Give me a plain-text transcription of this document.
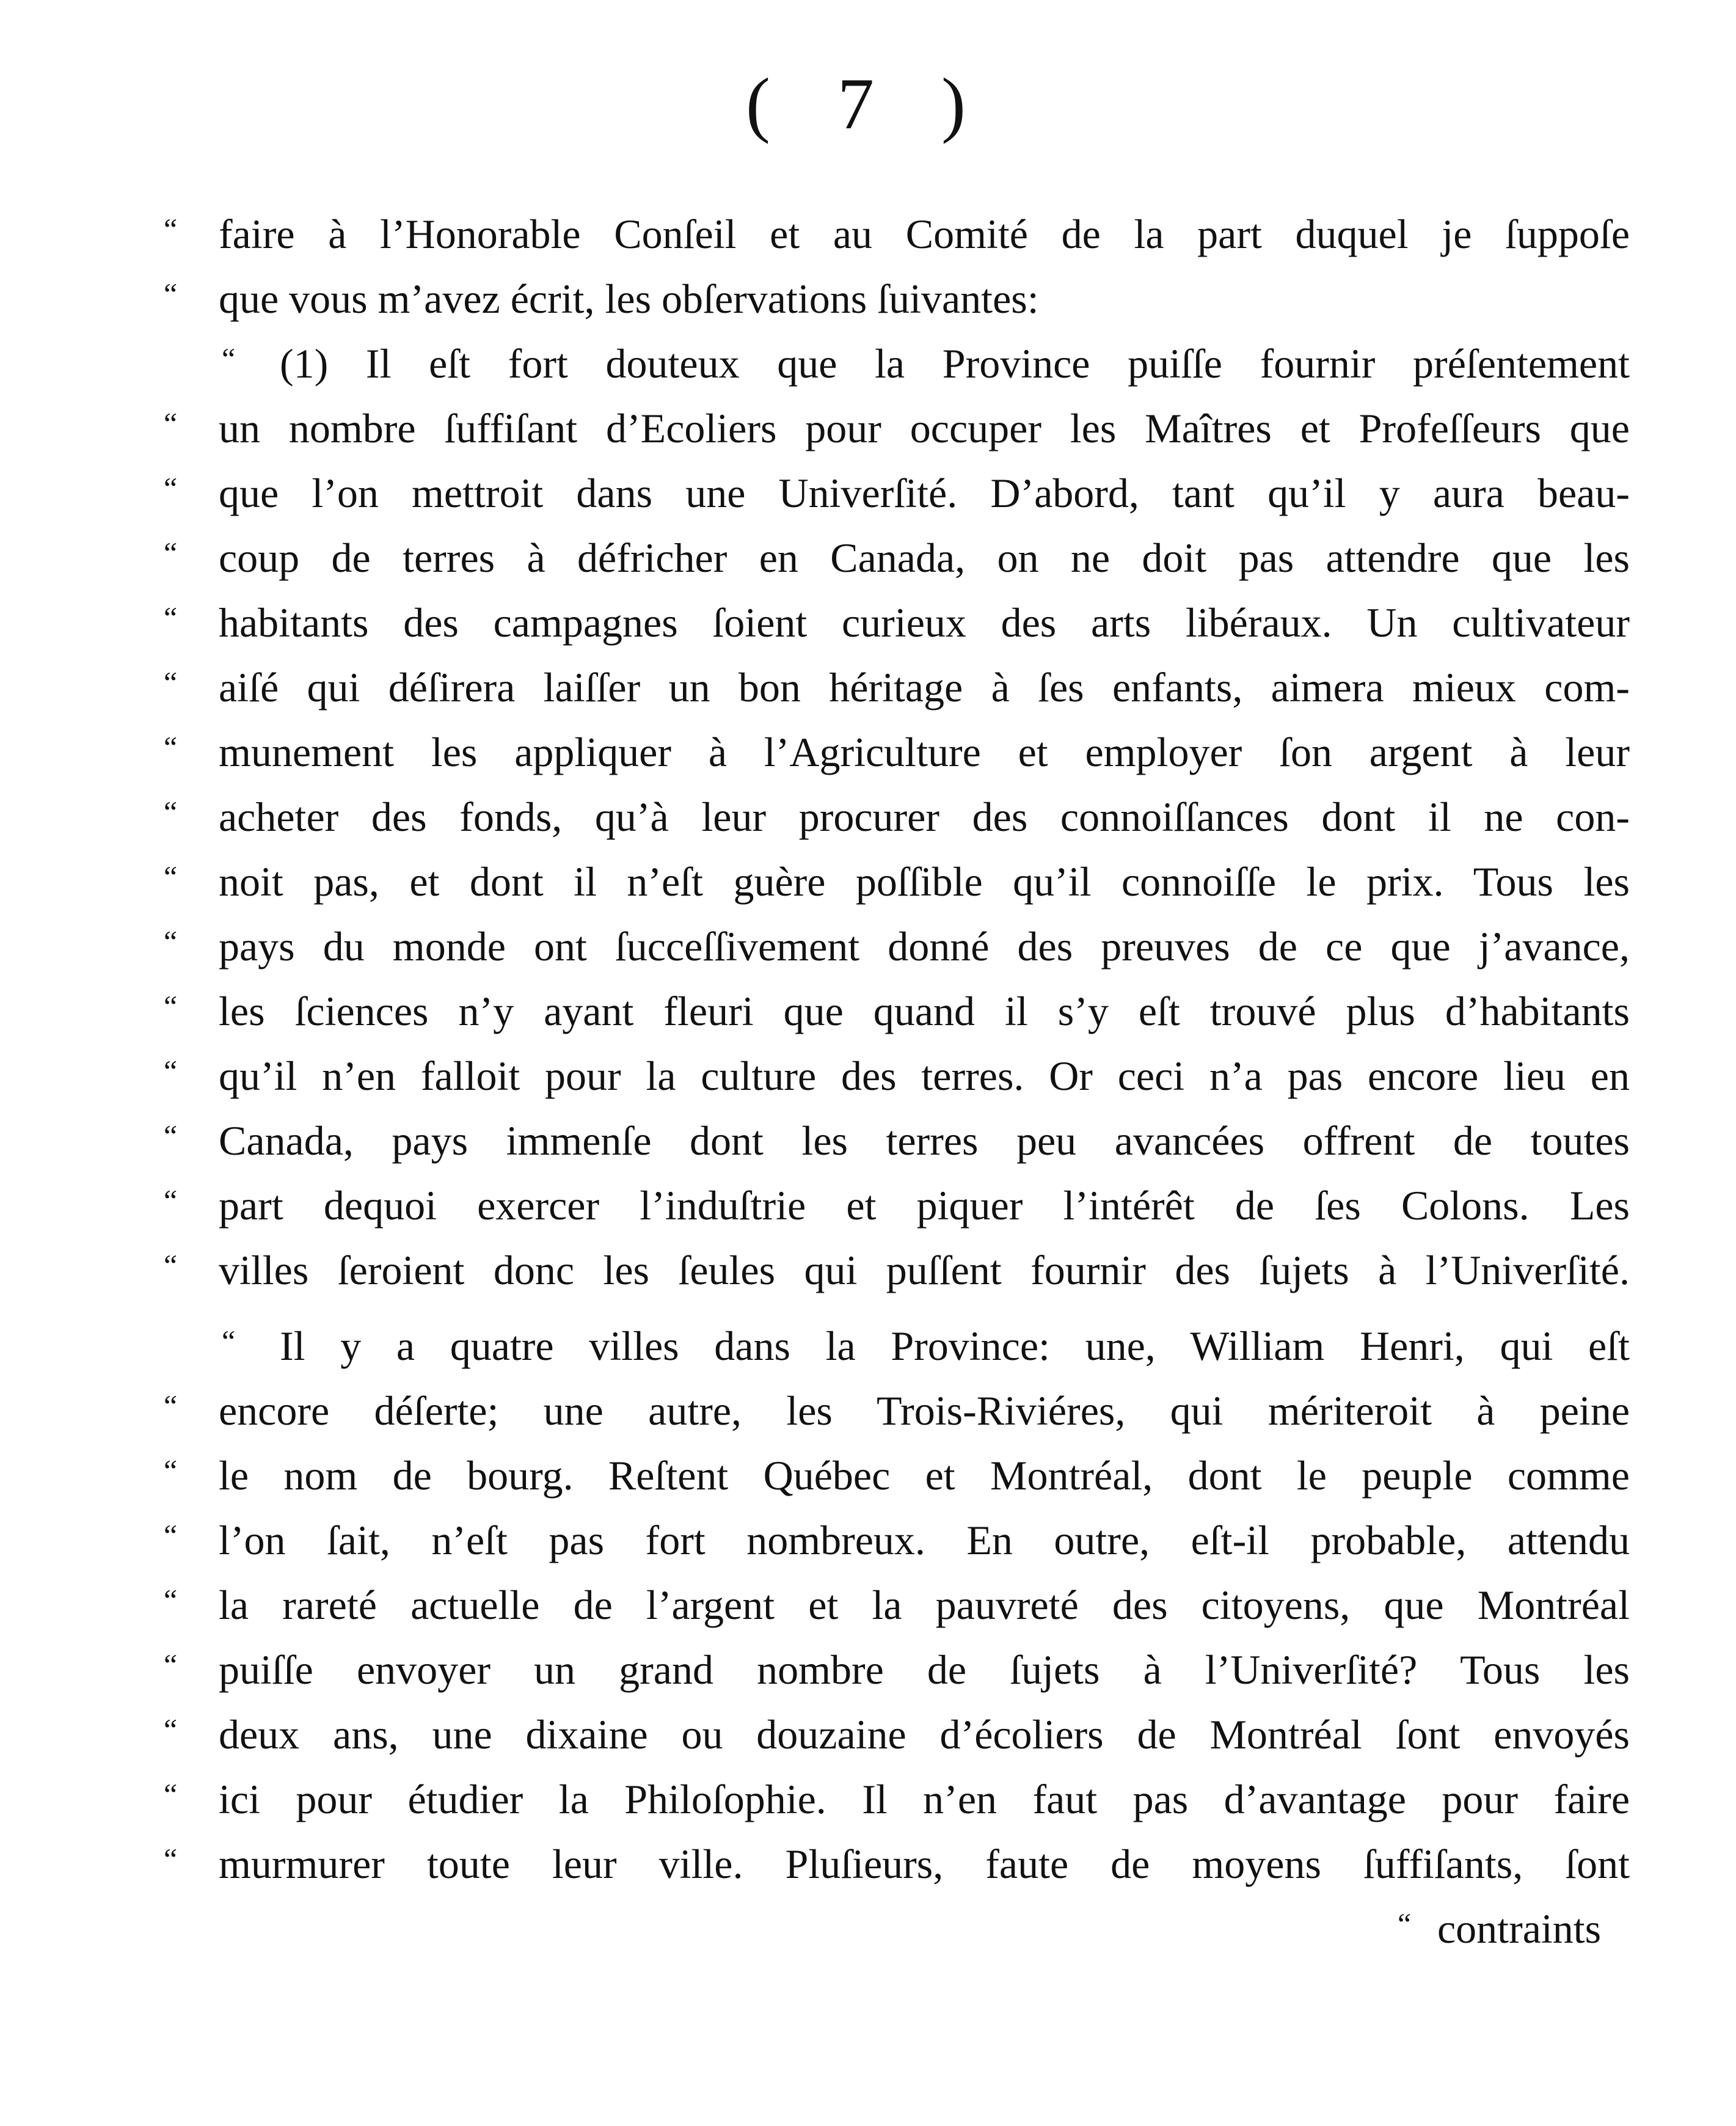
( 7 )
“ faire à l’Honorable Conſeil et au Comité de la part duquel je ſuppoſe
“ que vous m’avez écrit, les obſervations ſuivantes:
“ (1) Il eſt fort douteux que la Province puiſſe fournir préſentement
“ un nombre ſuffiſant d’Ecoliers pour occuper les Maîtres et Profeſſeurs que
“ que l’on mettroit dans une Univerſité. D’abord, tant qu’il y aura beau-
“ coup de terres à défricher en Canada, on ne doit pas attendre que les
“ habitants des campagnes ſoient curieux des arts libéraux. Un cultivateur
“ aiſé qui déſirera laiſſer un bon héritage à ſes enfants, aimera mieux com-
“ munement les appliquer à l’Agriculture et employer ſon argent à leur
“ acheter des fonds, qu’à leur procurer des connoiſſances dont il ne con-
“ noit pas, et dont il n’eſt guère poſſible qu’il connoiſſe le prix. Tous les
“ pays du monde ont ſucceſſivement donné des preuves de ce que j’avance,
“ les ſciences n’y ayant fleuri que quand il s’y eſt trouvé plus d’habitants
“ qu’il n’en falloit pour la culture des terres. Or ceci n’a pas encore lieu en
“ Canada, pays immenſe dont les terres peu avancées offrent de toutes
“ part dequoi exercer l’induſtrie et piquer l’intérêt de ſes Colons. Les
“ villes ſeroient donc les ſeules qui puſſent fournir des ſujets à l’Univerſité.
“ Il y a quatre villes dans la Province: une, William Henri, qui eſt
“ encore déſerte; une autre, les Trois-Riviéres, qui mériteroit à peine
“ le nom de bourg. Reſtent Québec et Montréal, dont le peuple comme
“ l’on ſait, n’eſt pas fort nombreux. En outre, eſt-il probable, attendu
“ la rareté actuelle de l’argent et la pauvreté des citoyens, que Montréal
“ puiſſe envoyer un grand nombre de ſujets à l’Univerſité? Tous les
“ deux ans, une dixaine ou douzaine d’écoliers de Montréal ſont envoyés
“ ici pour étudier la Philoſophie. Il n’en faut pas d’avantage pour faire
“ murmurer toute leur ville. Pluſieurs, faute de moyens ſuffiſants, ſont
“ contraints
